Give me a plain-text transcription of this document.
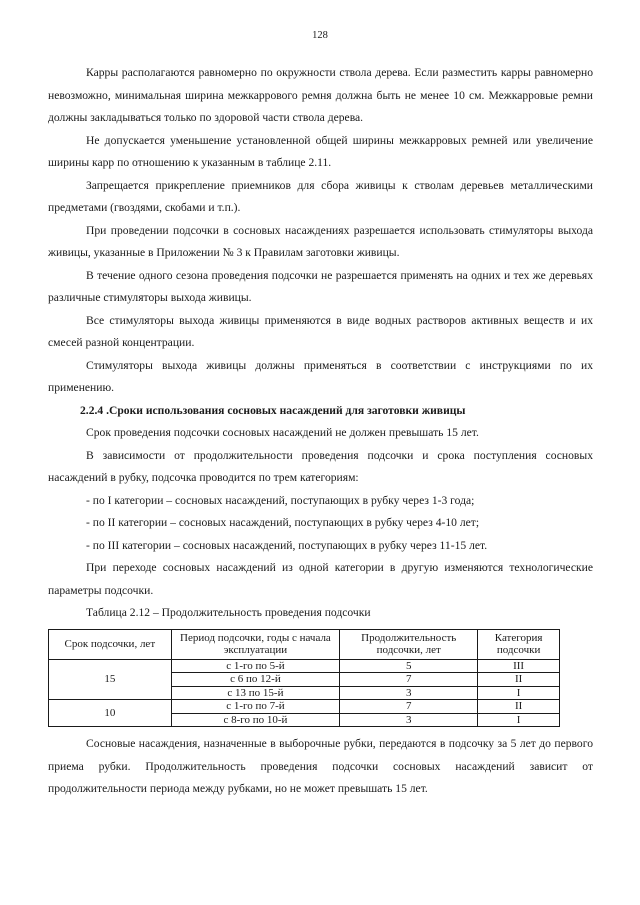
128

Карры располагаются равномерно по окружности ствола дерева. Если разместить карры равномерно невозможно, минимальная ширина межкаррового ремня должна быть не менее 10 см. Межкарровые ремни должны закладываться только по здоровой части ствола дерева.

Не допускается уменьшение установленной общей ширины межкарровых ремней или увеличение ширины карр по отношению к указанным в таблице 2.11.

Запрещается прикрепление приемников для сбора живицы к стволам деревьев металлическими предметами (гвоздями, скобами и т.п.).

При проведении подсочки в сосновых насаждениях разрешается использовать стимуляторы выхода живицы, указанные в Приложении № 3 к Правилам заготовки живицы.

В течение одного сезона проведения подсочки не разрешается применять на одних и тех же деревьях различные стимуляторы выхода живицы.

Все стимуляторы выхода живицы применяются в виде водных растворов активных веществ и их смесей разной концентрации.

Стимуляторы выхода живицы должны применяться в соответствии с инструкциями по их применению.

2.2.4 .Сроки использования сосновых насаждений для заготовки живицы

Срок проведения подсочки сосновых насаждений не должен превышать 15 лет.

В зависимости от продолжительности проведения подсочки и срока поступления сосновых насаждений в рубку, подсочка проводится по трем категориям:

- по I категории – сосновых насаждений, поступающих в рубку через 1-3 года;

- по II категории – сосновых насаждений, поступающих в рубку через 4-10 лет;

- по III категории – сосновых насаждений, поступающих в рубку через 11-15 лет.

При переходе сосновых насаждений из одной категории в другую изменяются технологические параметры подсочки.

Таблица 2.12 – Продолжительность проведения подсочки

Срок подсочки, лет	Период подсочки, годы с начала эксплуатации	Продолжительность подсочки, лет	Категория подсочки
15	с 1-го по 5-й	5	III
	с 6 по 12-й	7	II
	с 13 по 15-й	3	I
10	с 1-го по 7-й	7	II
	с 8-го по 10-й	3	I

Сосновые насаждения, назначенные в выборочные рубки, передаются в подсочку за 5 лет до первого приема рубки. Продолжительность проведения подсочки сосновых насаждений зависит от продолжительности периода между рубками, но не может превышать 15 лет.
